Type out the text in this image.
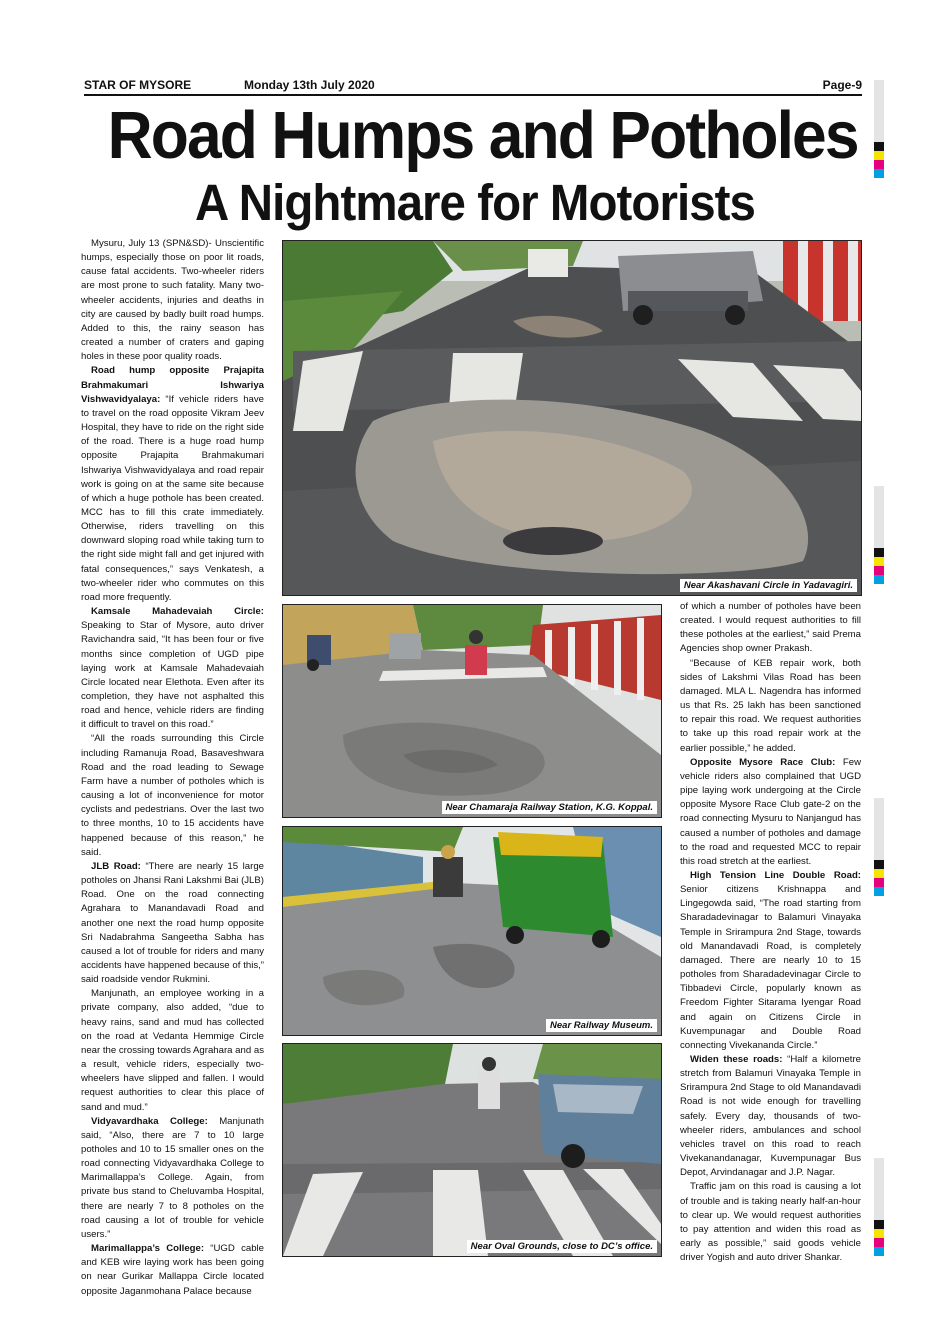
STAR OF MYSORE	Monday 13th July 2020	Page-9
Road Humps and Potholes
A Nightmare for Motorists

Mysuru, July 13 (SPN&SD)- Unscientific humps, especially those on poor lit roads, cause fatal accidents. Two-wheeler riders are most prone to such fatality. Many two-wheeler accidents, injuries and deaths in city are caused by badly built road humps. Added to this, the rainy season has created a number of craters and gaping holes in these poor quality roads.

Road hump opposite Prajapita Brahmakumari Ishwariya Vishwavidyalaya: “If vehicle riders have to travel on the road opposite Vikram Jeev Hospital, they have to ride on the right side of the road. There is a huge road hump opposite Prajapita Brahmakumari Ishwariya Vishwavidyalaya and road repair work is going on at the same site because of which a huge pothole has been created. MCC has to fill this crate immediately. Otherwise, riders travelling on this downward sloping road while taking turn to the right side might fall and get injured with fatal consequences,” says Venkatesh, a two-wheeler rider who commutes on this road more frequently.

Kamsale Mahadevaiah Circle: Speaking to Star of Mysore, auto driver Ravichandra said, “It has been four or five months since completion of UGD pipe laying work at Kamsale Mahadevaiah Circle located near Elethota. Even after its completion, they have not asphalted this road and hence, vehicle riders are finding it difficult to travel on this road.”

“All the roads surrounding this Circle including Ramanuja Road, Basaveshwara Road and the road leading to Sewage Farm have a number of potholes which is causing a lot of inconvenience for motor cyclists and pedestrians. Over the last two to three months, 10 to 15 accidents have happened because of this reason,” he said.

JLB Road: “There are nearly 15 large potholes on Jhansi Rani Lakshmi Bai (JLB) Road. One on the road connecting Agrahara to Manandavadi Road and another one next the road hump opposite Sri Nadabrahma Sangeetha Sabha has caused a lot of trouble for riders and many accidents have happened because of this,” said roadside vendor Rukmini.

Manjunath, an employee working in a private company, also added, “due to heavy rains, sand and mud has collected on the road at Vedanta Hemmige Circle near the crossing towards Agrahara and as a result, vehicle riders, especially two-wheelers have slipped and fallen. I would request authorities to clear this place of sand and mud.”

Vidyavardhaka College: Manjunath said, “Also, there are 7 to 10 large potholes and 10 to 15 smaller ones on the road connecting Vidyavardhaka College to Marimallappa’s College. Again, from private bus stand to Cheluvamba Hospital, there are nearly 7 to 8 potholes on the road causing a lot of trouble for vehicle users.”

Marimallappa’s College: “UGD cable and KEB wire laying work has been going on near Gurikar Mallappa Circle located opposite Jaganmohana Palace because

of which a number of potholes have been created. I would request authorities to fill these potholes at the earliest,” said Prema Agencies shop owner Prakash.

“Because of KEB repair work, both sides of Lakshmi Vilas Road has been damaged. MLA L. Nagendra has informed us that Rs. 25 lakh has been sanctioned to repair this road. We request authorities to take up this road repair work at the earlier possible,” he added.

Opposite Mysore Race Club: Few vehicle riders also complained that UGD pipe laying work undergoing at the Circle opposite Mysore Race Club gate-2 on the road connecting Mysuru to Nanjangud has caused a number of potholes and damage to the road and requested MCC to repair this road stretch at the earliest.

High Tension Line Double Road: Senior citizens Krishnappa and Lingegowda said, “The road starting from Sharadadevinagar to Balamuri Vinayaka Temple in Srirampura 2nd Stage, towards old Manandavadi Road, is completely damaged. There are nearly 10 to 15 potholes from Sharadadevinagar Circle to Tibbadevi Circle, popularly known as Freedom Fighter Sitarama Iyengar Road and again on Citizens Circle in Kuvempunagar and Double Road connecting Vivekananda Circle.”

Widen these roads: “Half a kilometre stretch from Balamuri Vinayaka Temple in Srirampura 2nd Stage to old Manandavadi Road is not wide enough for travelling safely. Every day, thousands of two-wheeler riders, ambulances and school vehicles travel on this road to reach Vivekanandanagar, Kuvempunagar Bus Depot, Arvindanagar and J.P. Nagar.

Traffic jam on this road is causing a lot of trouble and is taking nearly half-an-hour to clear up. We would request authorities to pay attention and widen this road as early as possible,” said goods vehicle driver Yogish and auto driver Shankar.

Near Akashavani Circle in Yadavagiri.
Near Chamaraja Railway Station, K.G. Koppal.
Near Railway Museum.
Near Oval Grounds, close to DC’s office.
